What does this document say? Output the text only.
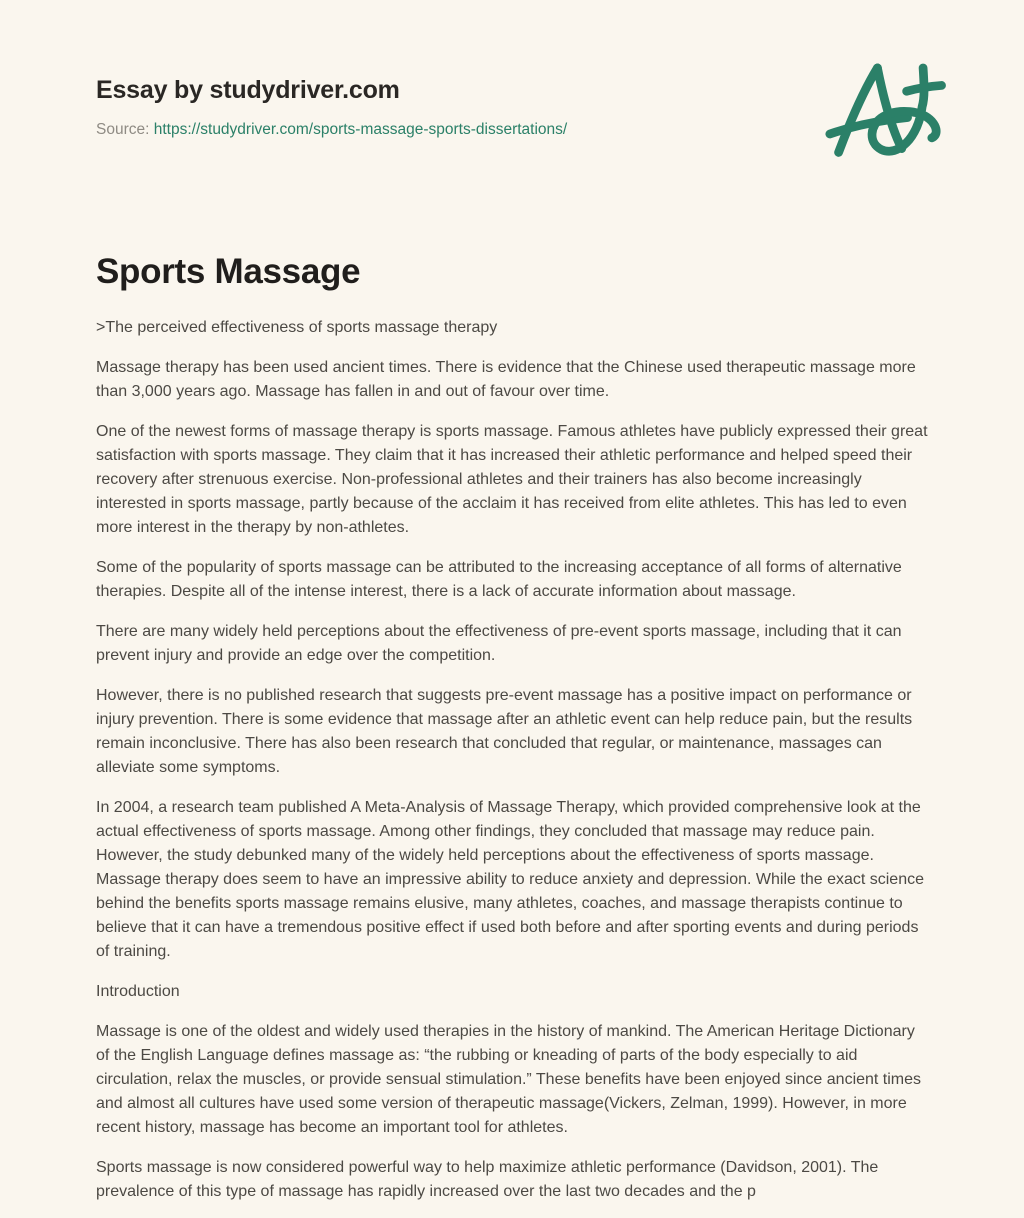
Essay by studydriver.com
Source: https://studydriver.com/sports-massage-sports-dissertations/
Sports Massage

>The perceived effectiveness of sports massage therapy

Massage therapy has been used ancient times. There is evidence that the Chinese used therapeutic massage more than 3,000 years ago. Massage has fallen in and out of favour over time.

One of the newest forms of massage therapy is sports massage. Famous athletes have publicly expressed their great satisfaction with sports massage. They claim that it has increased their athletic performance and helped speed their recovery after strenuous exercise. Non-professional athletes and their trainers has also become increasingly interested in sports massage, partly because of the acclaim it has received from elite athletes. This has led to even more interest in the therapy by non-athletes.

Some of the popularity of sports massage can be attributed to the increasing acceptance of all forms of alternative therapies. Despite all of the intense interest, there is a lack of accurate information about massage.

There are many widely held perceptions about the effectiveness of pre-event sports massage, including that it can prevent injury and provide an edge over the competition.

However, there is no published research that suggests pre-event massage has a positive impact on performance or injury prevention. There is some evidence that massage after an athletic event can help reduce pain, but the results remain inconclusive. There has also been research that concluded that regular, or maintenance, massages can alleviate some symptoms.

In 2004, a research team published A Meta-Analysis of Massage Therapy, which provided comprehensive look at the actual effectiveness of sports massage. Among other findings, they concluded that massage may reduce pain. However, the study debunked many of the widely held perceptions about the effectiveness of sports massage. Massage therapy does seem to have an impressive ability to reduce anxiety and depression. While the exact science behind the benefits sports massage remains elusive, many athletes, coaches, and massage therapists continue to believe that it can have a tremendous positive effect if used both before and after sporting events and during periods of training.

Introduction

Massage is one of the oldest and widely used therapies in the history of mankind. The American Heritage Dictionary of the English Language defines massage as: “the rubbing or kneading of parts of the body especially to aid circulation, relax the muscles, or provide sensual stimulation.” These benefits have been enjoyed since ancient times and almost all cultures have used some version of therapeutic massage(Vickers, Zelman, 1999). However, in more recent history, massage has become an important tool for athletes.

Sports massage is now considered powerful way to help maximize athletic performance (Davidson, 2001). The prevalence of this type of massage has rapidly increased over the last two decades and the p
